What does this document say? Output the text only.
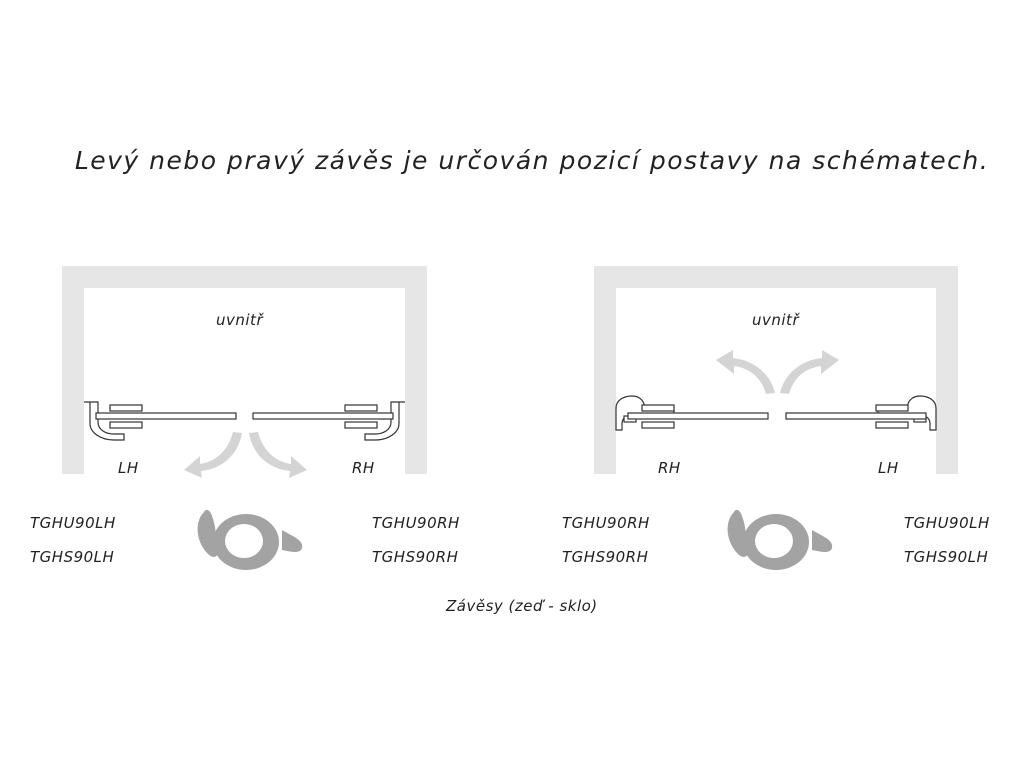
Levý nebo pravý závěs je určován pozicí postavy na schématech.
uvnitř
LH	RH
TGHU90LH
TGHS90LH
TGHU90RH
TGHS90RH
uvnitř
RH	LH
TGHU90RH
TGHS90RH
TGHU90LH
TGHS90LH
Závěsy (zeď - sklo)
